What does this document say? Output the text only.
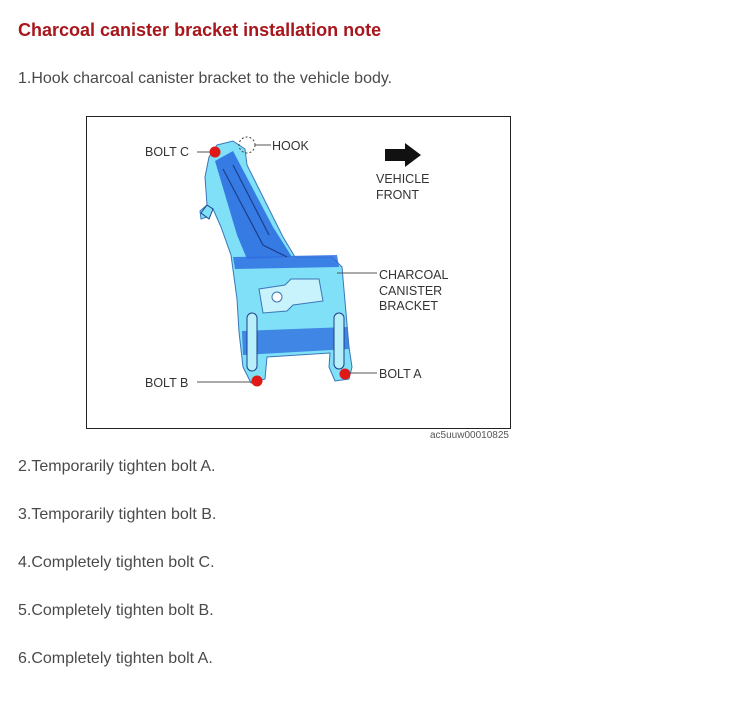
Charcoal canister bracket installation note
1.Hook charcoal canister bracket to the vehicle body.
BOLT C	HOOK
VEHICLE
FRONT
CHARCOAL
CANISTER
BRACKET
BOLT A
BOLT B
ac5uuw00010825
2.Temporarily tighten bolt A.
3.Temporarily tighten bolt B.
4.Completely tighten bolt C.
5.Completely tighten bolt B.
6.Completely tighten bolt A.
